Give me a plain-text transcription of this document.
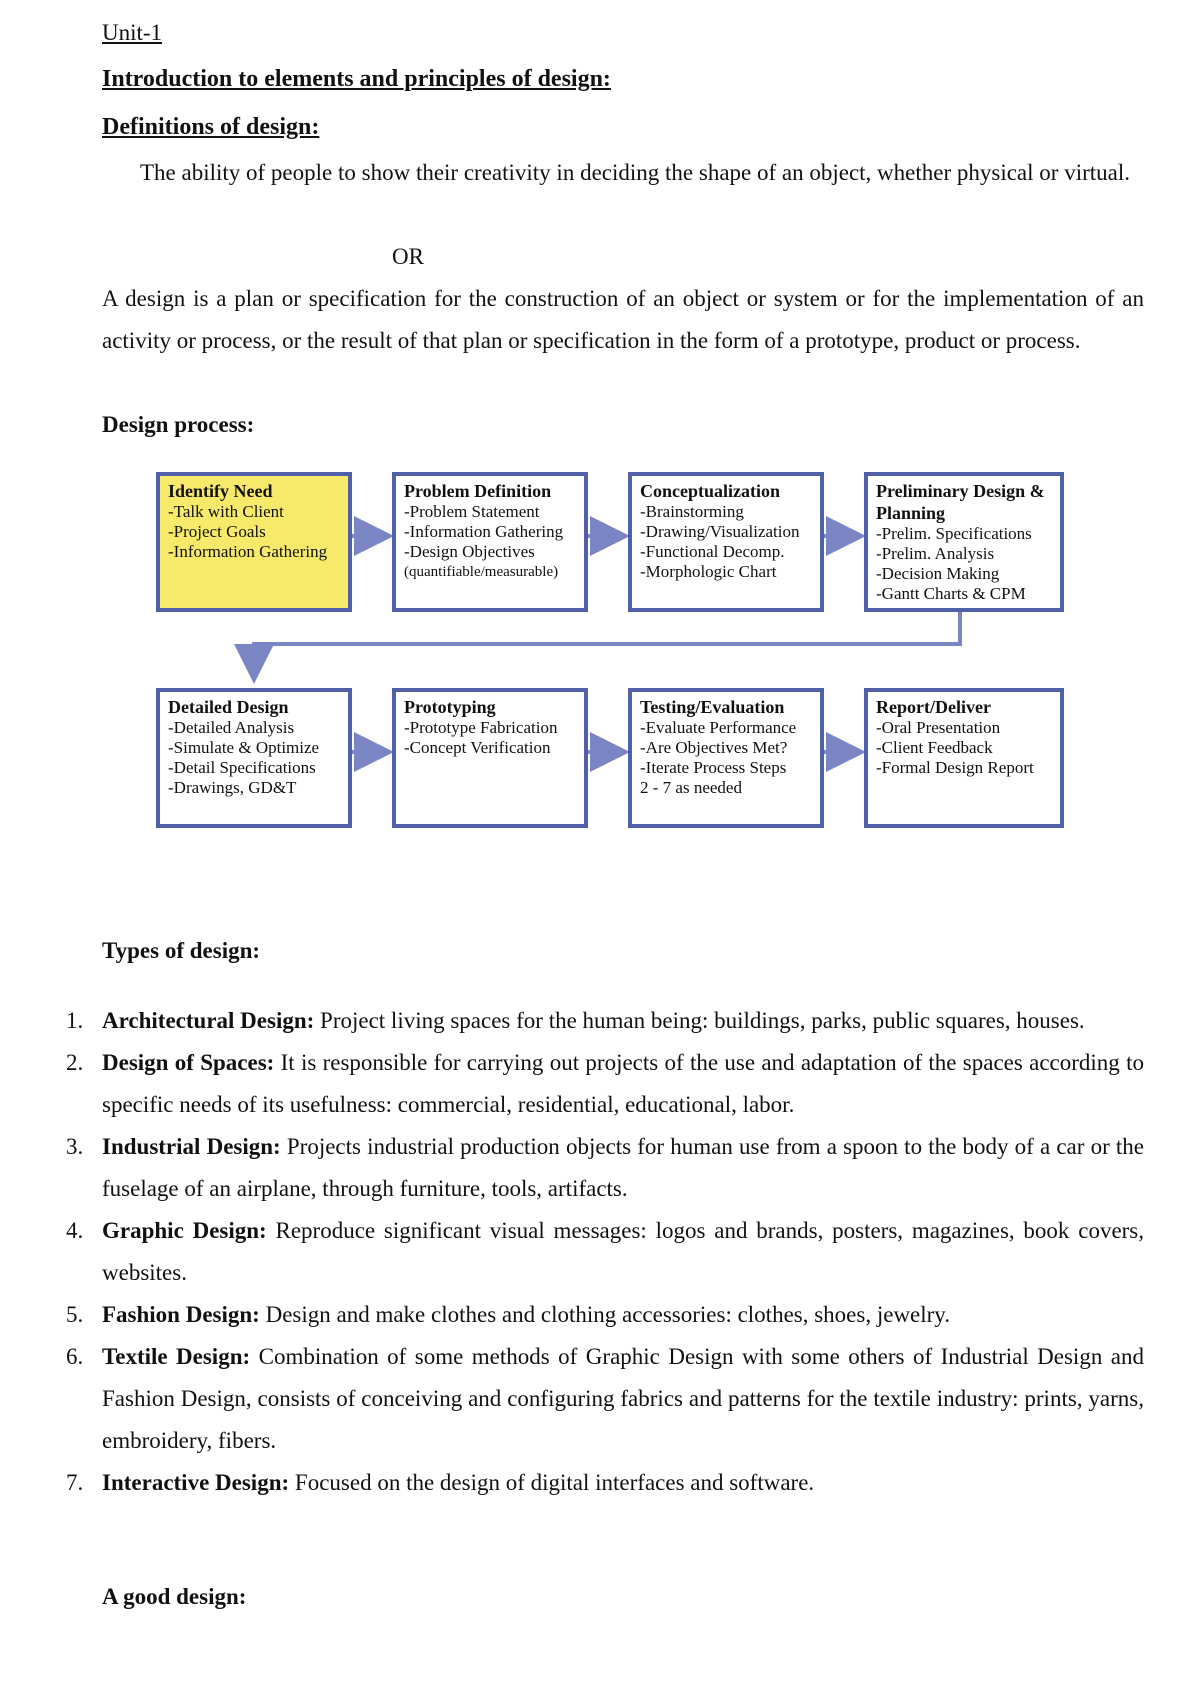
Unit-1
Introduction to elements and principles of design:
Definitions of design:
The ability of people to show their creativity in deciding the shape of an object, whether physical or virtual.
OR
A design is a plan or specification for the construction of an object or system or for the implementation of an activity or process, or the result of that plan or specification in the form of a prototype, product or process.
Design process:
Identify Need
-Talk with Client
-Project Goals
-Information Gathering
Problem Definition
-Problem Statement
-Information Gathering
-Design Objectives
(quantifiable/measurable)
Conceptualization
-Brainstorming
-Drawing/Visualization
-Functional Decomp.
-Morphologic Chart
Preliminary Design & Planning
-Prelim. Specifications
-Prelim. Analysis
-Decision Making
-Gantt Charts & CPM
Detailed Design
-Detailed Analysis
-Simulate & Optimize
-Detail Specifications
-Drawings, GD&T
Prototyping
-Prototype Fabrication
-Concept Verification
Testing/Evaluation
-Evaluate Performance
-Are Objectives Met?
-Iterate Process Steps
2 - 7 as needed
Report/Deliver
-Oral Presentation
-Client Feedback
-Formal Design Report
Types of design:
1. Architectural Design: Project living spaces for the human being: buildings, parks, public squares, houses.
2. Design of Spaces: It is responsible for carrying out projects of the use and adaptation of the spaces according to specific needs of its usefulness: commercial, residential, educational, labor.
3. Industrial Design: Projects industrial production objects for human use from a spoon to the body of a car or the fuselage of an airplane, through furniture, tools, artifacts.
4. Graphic Design: Reproduce significant visual messages: logos and brands, posters, magazines, book covers, websites.
5. Fashion Design: Design and make clothes and clothing accessories: clothes, shoes, jewelry.
6. Textile Design: Combination of some methods of Graphic Design with some others of Industrial Design and Fashion Design, consists of conceiving and configuring fabrics and patterns for the textile industry: prints, yarns, embroidery, fibers.
7. Interactive Design: Focused on the design of digital interfaces and software.
A good design:
